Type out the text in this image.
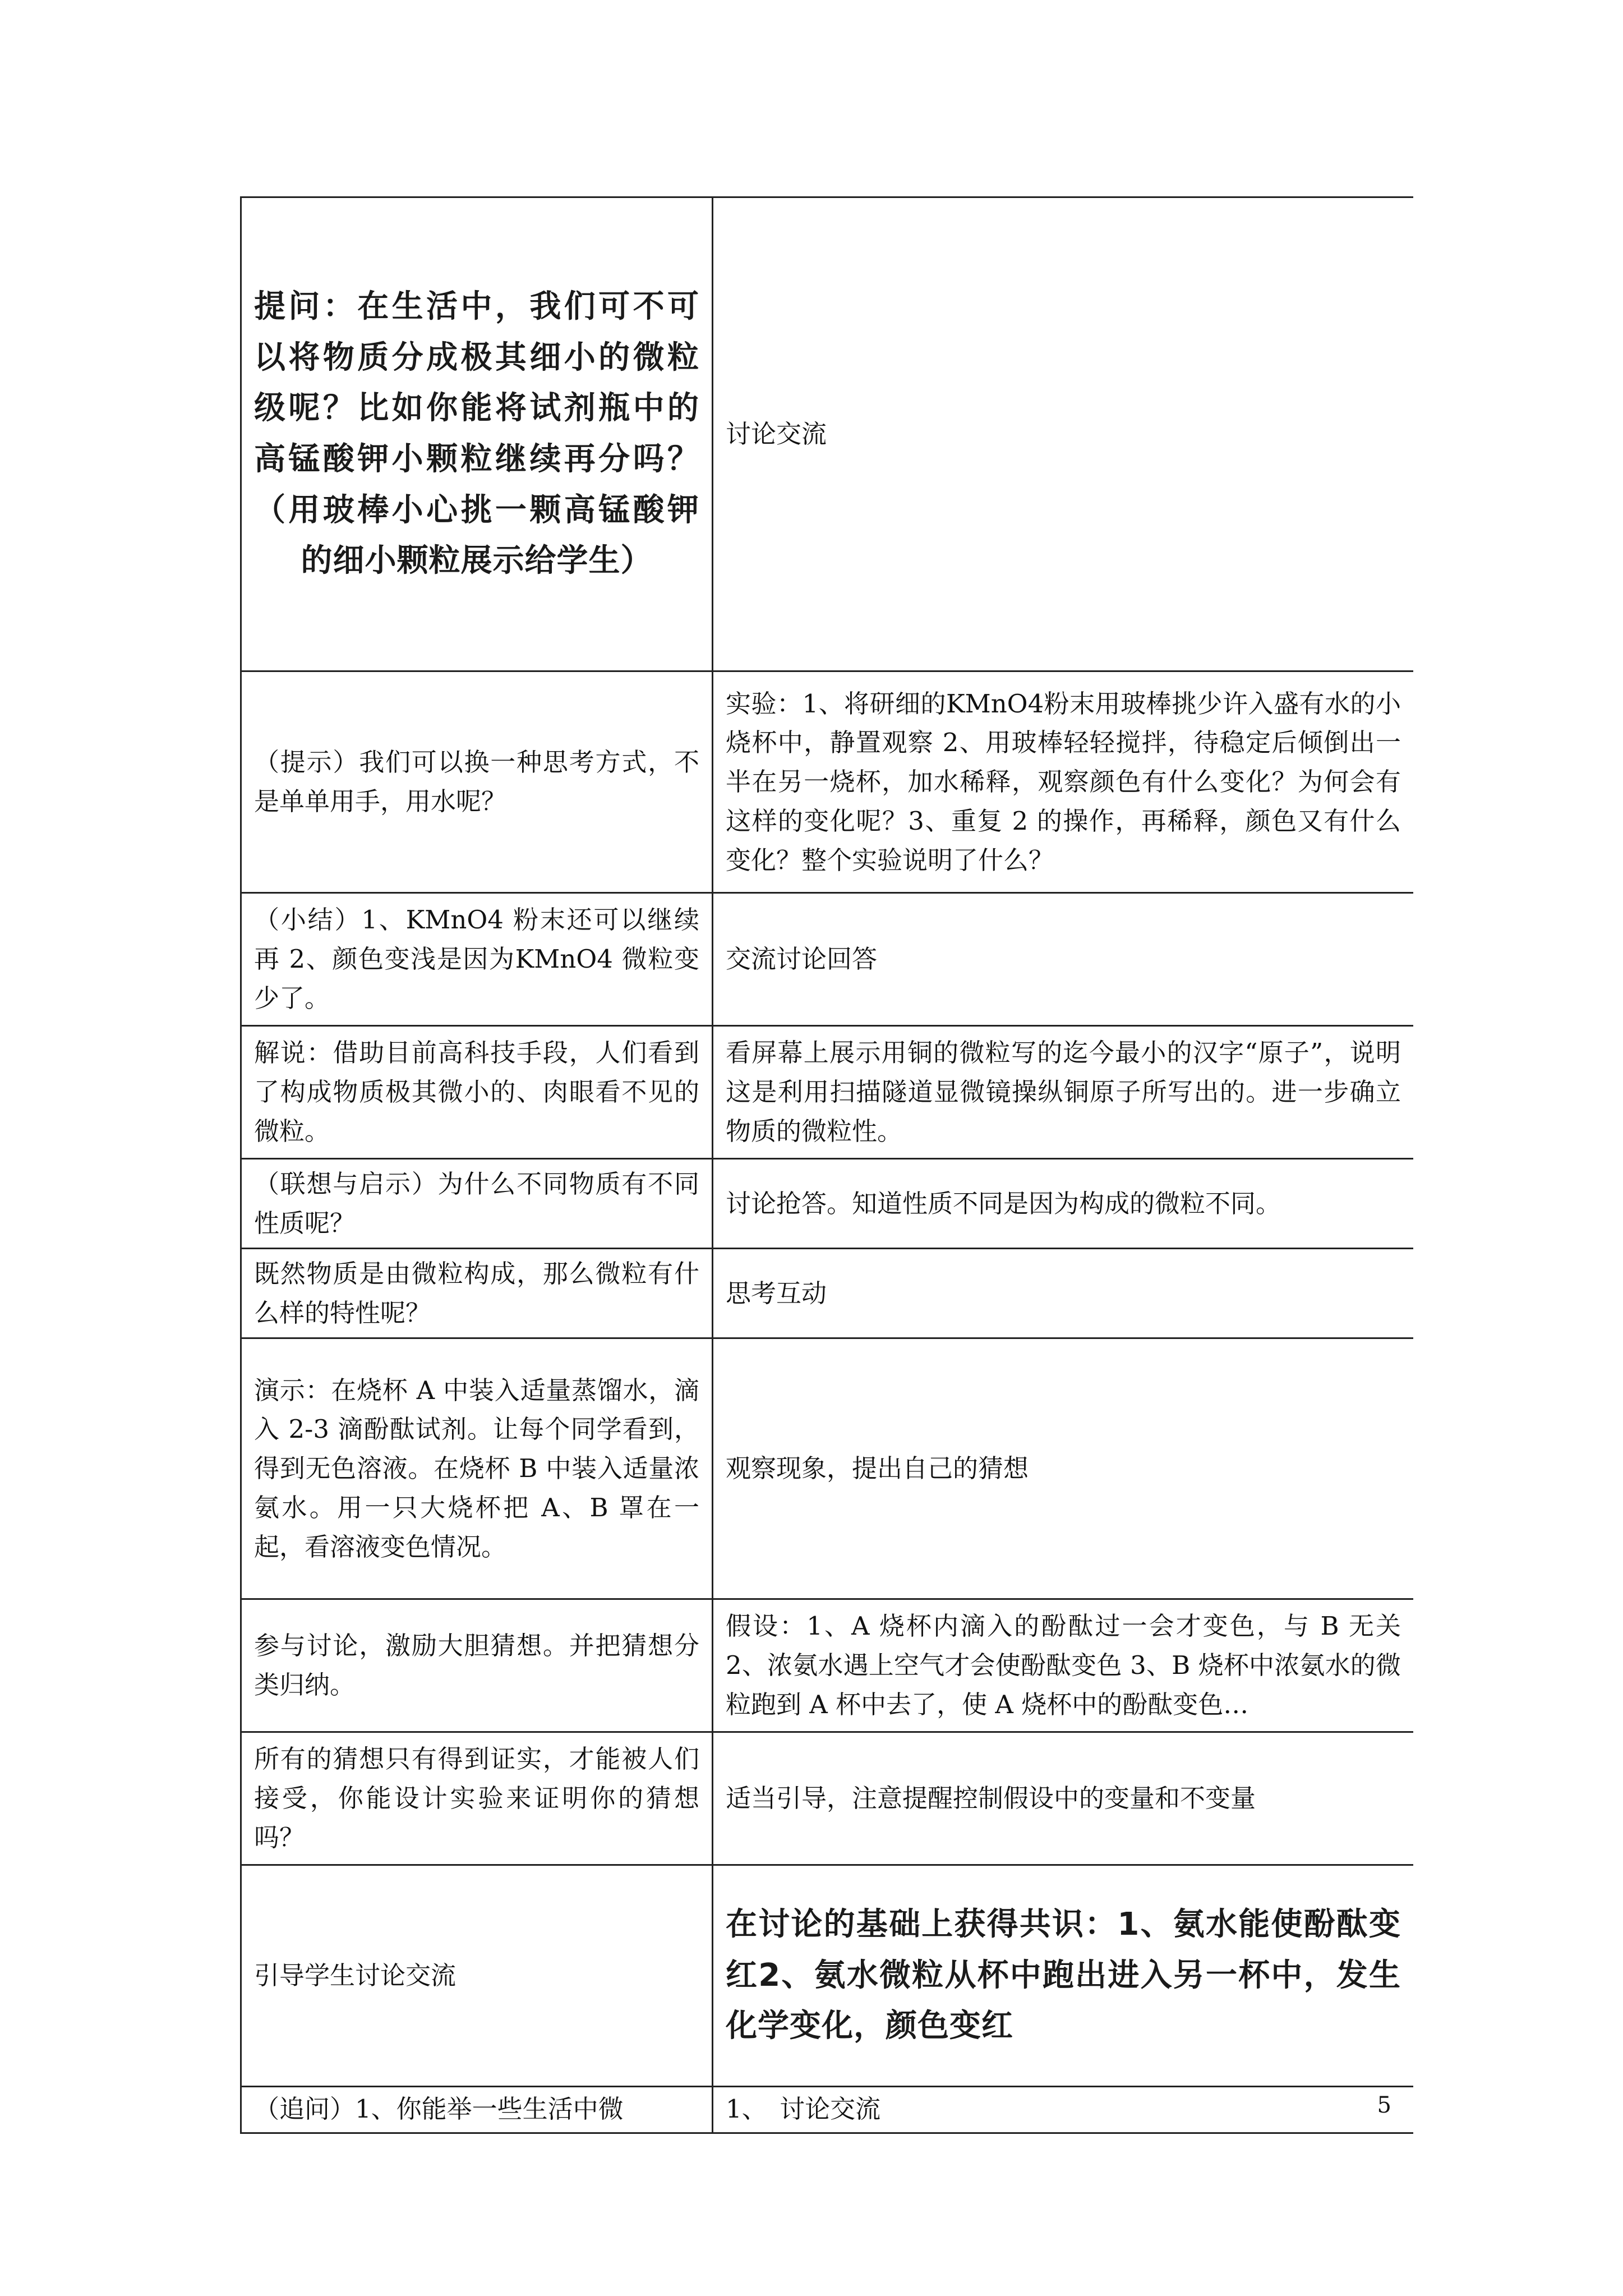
提问：在生活中，我们可不可以将物质分成极其细小的微粒级呢？比如你能将试剂瓶中的高锰酸钾小颗粒继续再分吗？（用玻棒小心挑一颗高锰酸钾的细小颗粒展示给学生）	讨论交流
（提示）我们可以换一种思考方式，不是单单用手，用水呢？	实验：1、将研细的KMnO4粉末用玻棒挑少许入盛有水的小烧杯中，静置观察 2、用玻棒轻轻搅拌，待稳定后倾倒出一半在另一烧杯，加水稀释，观察颜色有什么变化？为何会有这样的变化呢？3、重复 2 的操作，再稀释，颜色又有什么变化？整个实验说明了什么？
（小结）1、KMnO4 粉末还可以继续再 2、颜色变浅是因为KMnO4 微粒变少了。	交流讨论回答
解说：借助目前高科技手段，人们看到了构成物质极其微小的、肉眼看不见的微粒。	看屏幕上展示用铜的微粒写的迄今最小的汉字“原子”，说明这是利用扫描隧道显微镜操纵铜原子所写出的。进一步确立物质的微粒性。
（联想与启示）为什么不同物质有不同性质呢？	讨论抢答。知道性质不同是因为构成的微粒不同。
既然物质是由微粒构成，那么微粒有什么样的特性呢？	思考互动
演示：在烧杯 A 中装入适量蒸馏水，滴入 2-3 滴酚酞试剂。让每个同学看到，得到无色溶液。在烧杯 B 中装入适量浓氨水。用一只大烧杯把 A、B 罩在一起，看溶液变色情况。	观察现象，提出自己的猜想
参与讨论，激励大胆猜想。并把猜想分类归纳。	假设：1、A 烧杯内滴入的酚酞过一会才变色，与 B 无关 2、浓氨水遇上空气才会使酚酞变色 3、B 烧杯中浓氨水的微粒跑到 A 杯中去了，使 A 烧杯中的酚酞变色…
所有的猜想只有得到证实，才能被人们接受，你能设计实验来证明你的猜想吗？	适当引导，注意提醒控制假设中的变量和不变量
引导学生讨论交流	在讨论的基础上获得共识：1、氨水能使酚酞变红2、氨水微粒从杯中跑出进入另一杯中，发生化学变化，颜色变红

（追问）1、你能举一些生活中微	1、　讨论交流	5
